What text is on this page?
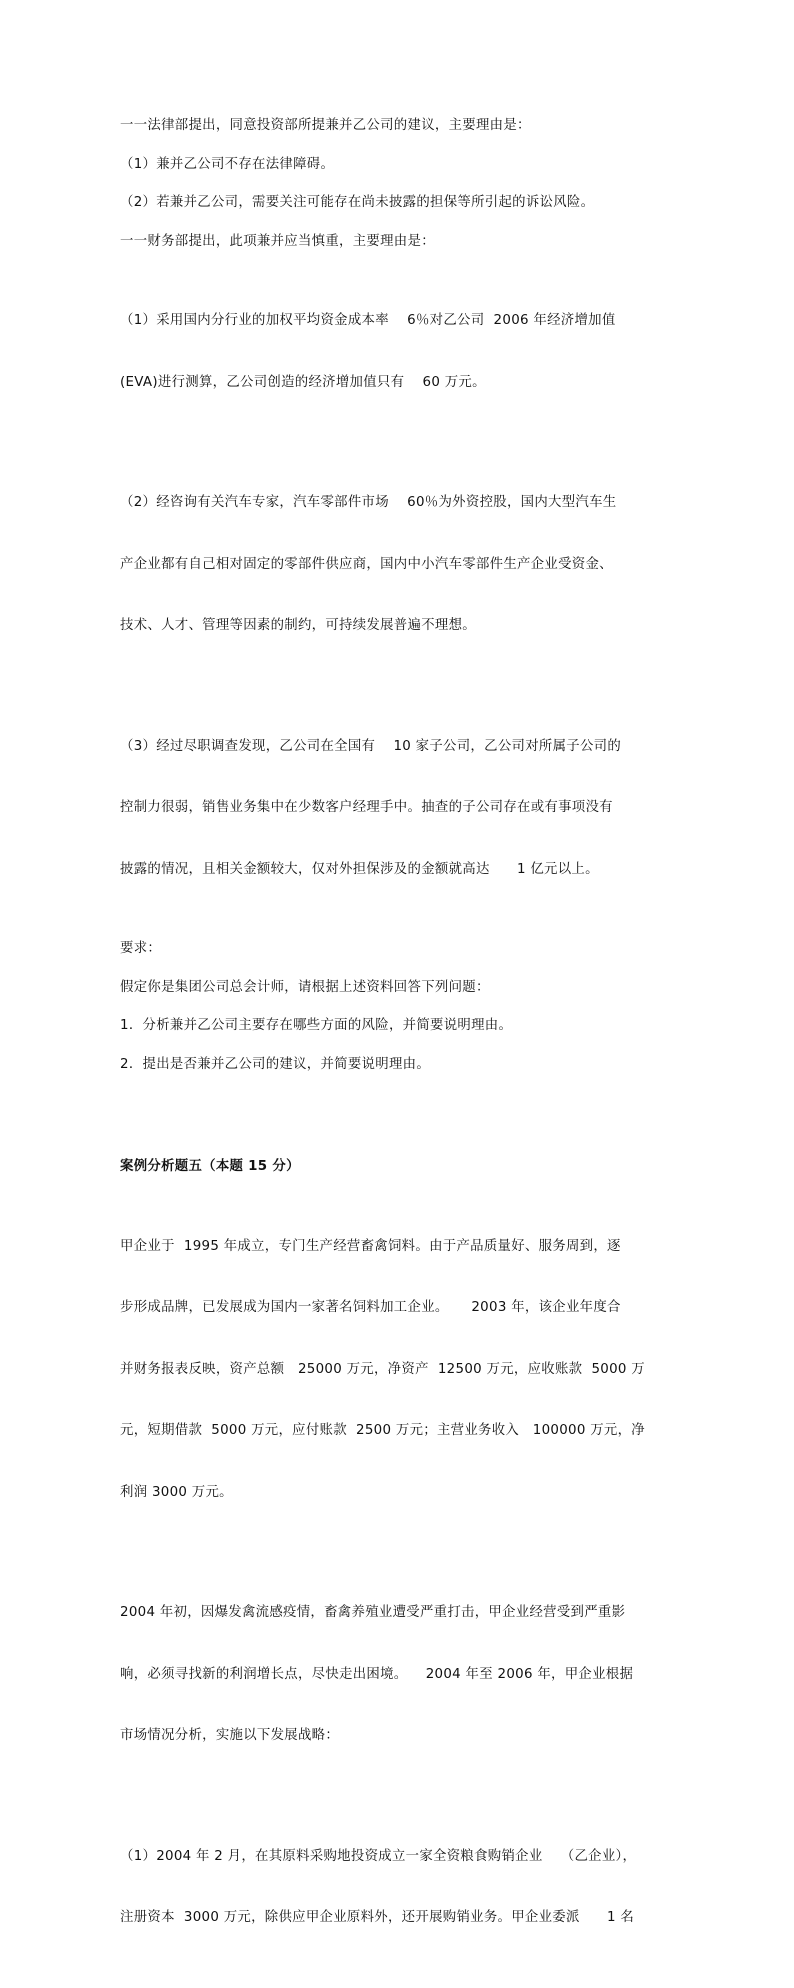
一一法律部提出，同意投资部所提兼并乙公司的建议，主要理由是：

（1）兼并乙公司不存在法律障碍。

（2）若兼并乙公司，需要关注可能存在尚未披露的担保等所引起的诉讼风险。

一一财务部提出，此项兼并应当慎重，主要理由是：

（1）采用国内分行业的加权平均资金成本率    6％对乙公司  2006 年经济增加值

(EVA)进行测算，乙公司创造的经济增加值只有    60 万元。

（2）经咨询有关汽车专家，汽车零部件市场    60％为外资控股，国内大型汽车生

产企业都有自己相对固定的零部件供应商，国内中小汽车零部件生产企业受资金、

技术、人才、管理等因素的制约，可持续发展普遍不理想。

（3）经过尽职调查发现，乙公司在全国有    10 家子公司，乙公司对所属子公司的

控制力很弱，销售业务集中在少数客户经理手中。抽查的子公司存在或有事项没有

披露的情况，且相关金额较大，仅对外担保涉及的金额就高达      1 亿元以上。

要求：

假定你是集团公司总会计师，请根据上述资料回答下列问题：

1．分析兼并乙公司主要存在哪些方面的风险，并简要说明理由。

2．提出是否兼并乙公司的建议，并简要说明理由。

案例分析题五（本题 15 分）

甲企业于  1995 年成立，专门生产经营畜禽饲料。由于产品质量好、服务周到，逐

步形成品牌，已发展成为国内一家著名饲料加工企业。     2003 年，该企业年度合

并财务报表反映，资产总额   25000 万元，净资产  12500 万元，应收账款  5000 万

元，短期借款  5000 万元，应付账款  2500 万元；主营业务收入   100000 万元，净

利润 3000 万元。

2004 年初，因爆发禽流感疫情，畜禽养殖业遭受严重打击，甲企业经营受到严重影

响，必须寻找新的利润增长点，尽快走出困境。    2004 年至 2006 年，甲企业根据

市场情况分析，实施以下发展战略：

（1）2004 年 2 月，在其原料采购地投资成立一家全资粮食购销企业    （乙企业），

注册资本  3000 万元，除供应甲企业原料外，还开展购销业务。甲企业委派      1 名
